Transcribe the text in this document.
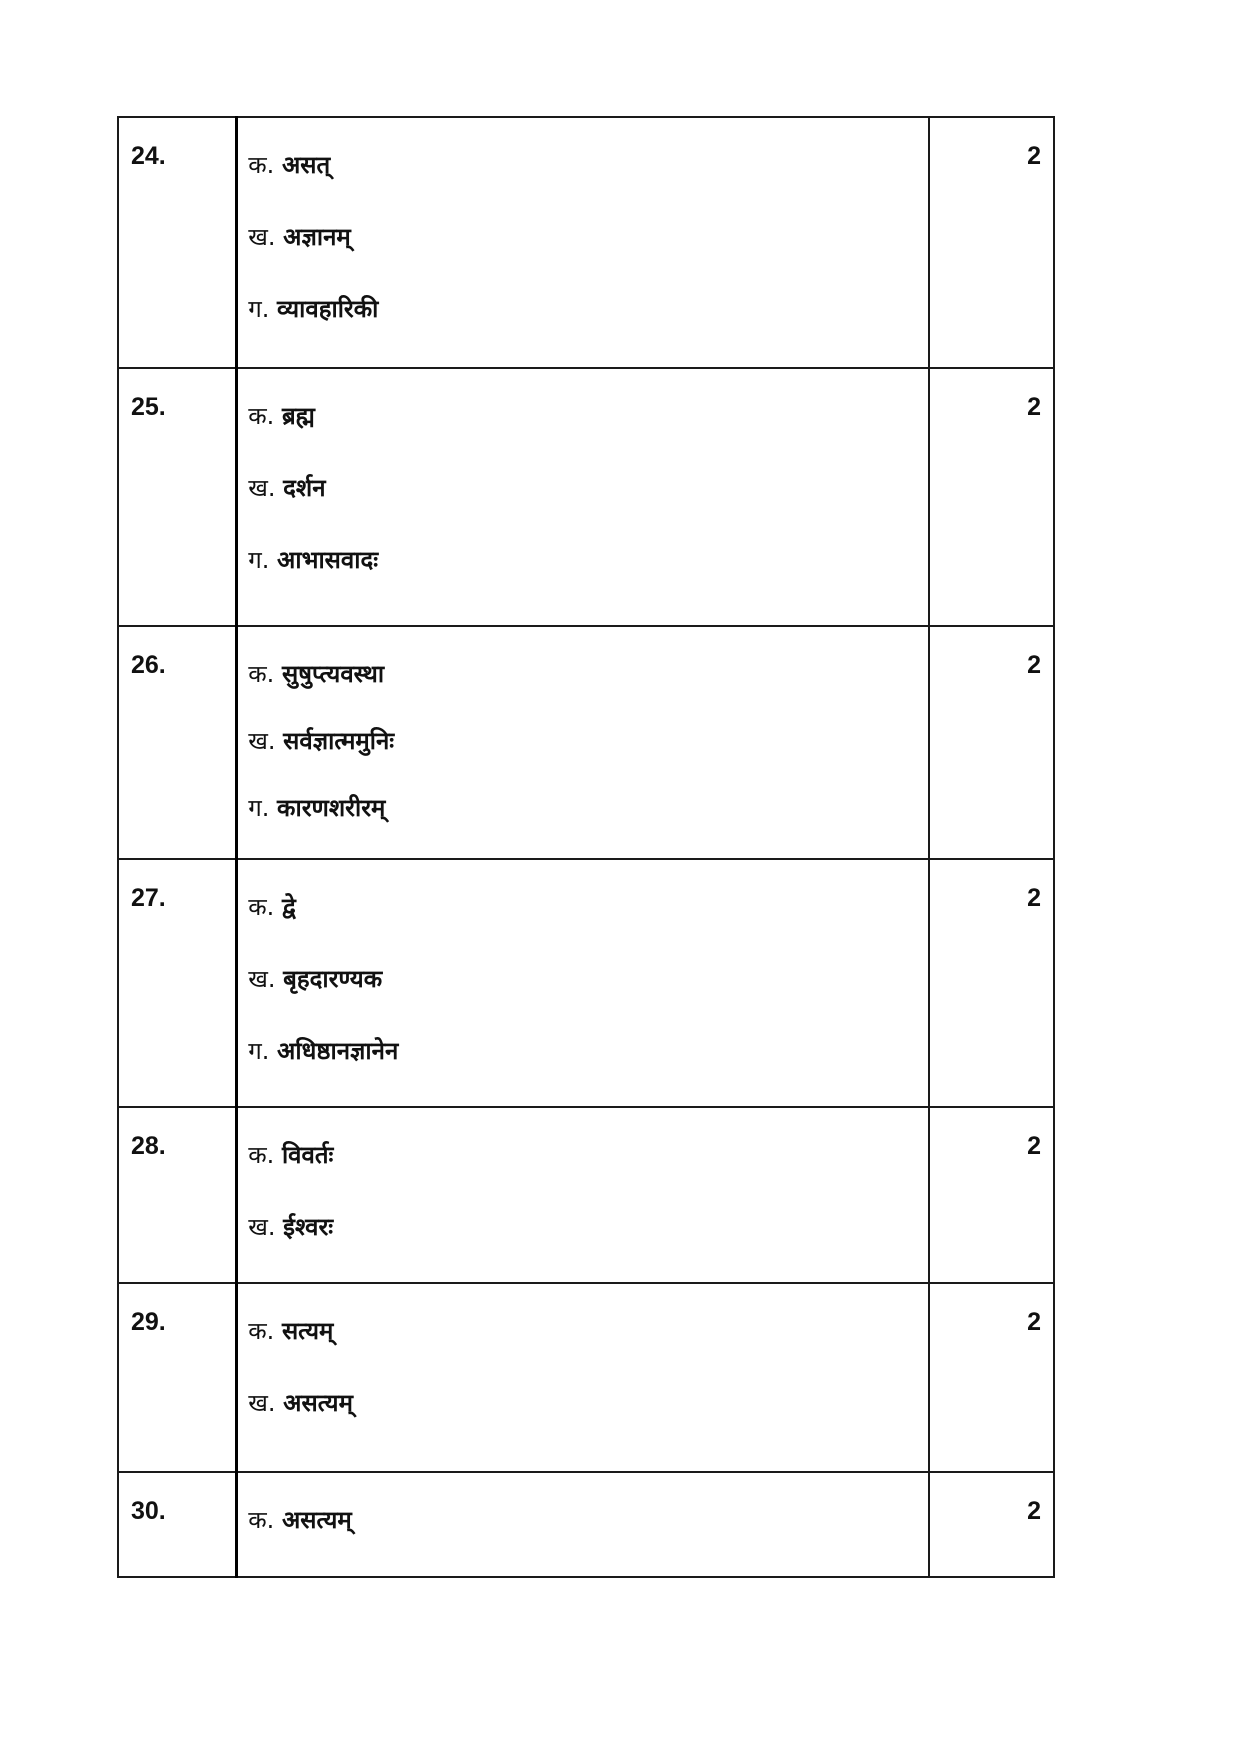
24.	क. असत्
ख. अज्ञानम्
ग. व्यावहारिकी	2
25.	क. ब्रह्म
ख. दर्शन
ग. आभासवादः	2
26.	क. सुषुप्त्यवस्था
ख. सर्वज्ञात्ममुनिः
ग. कारणशरीरम्	2
27.	क. द्वे
ख. बृहदारण्यक
ग. अधिष्ठानज्ञानेन	2
28.	क. विवर्तः
ख. ईश्वरः	2
29.	क. सत्यम्
ख. असत्यम्	2
30.	क. असत्यम्	2
